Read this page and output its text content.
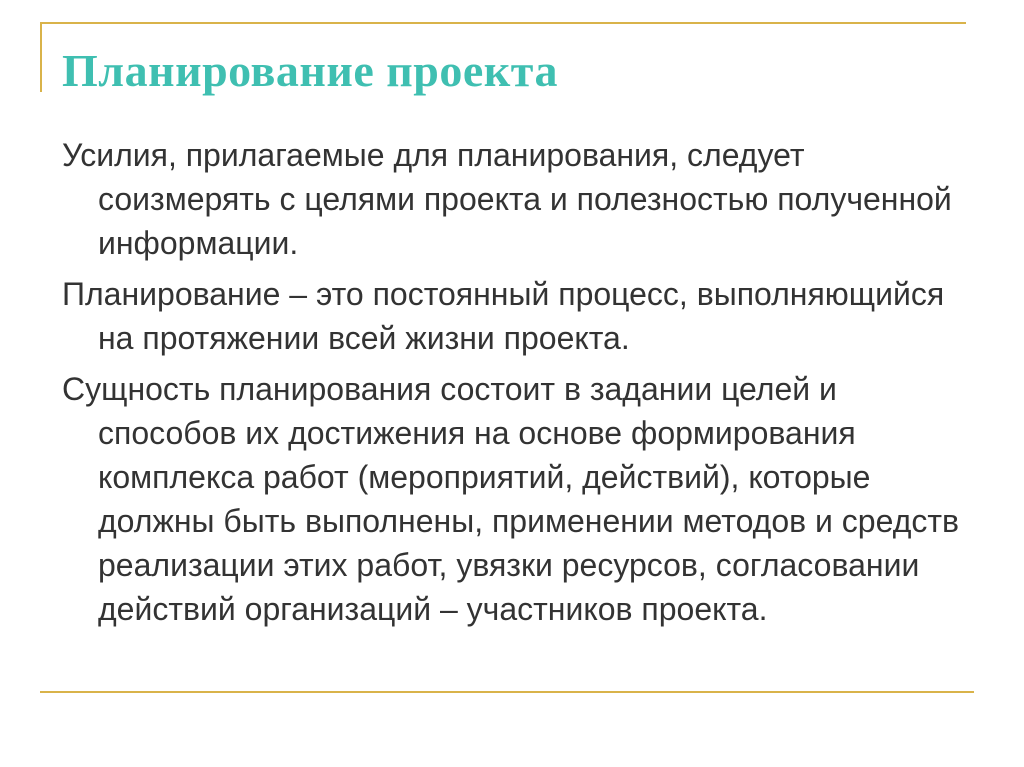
Планирование проекта
Усилия, прилагаемые для планирования, следует соизмерять с целями проекта и полезностью полученной информации.
Планирование – это постоянный процесс, выполняющийся на протяжении всей жизни проекта.
Сущность планирования состоит в задании целей и способов их достижения на основе формирования комплекса работ (мероприятий, действий), которые должны быть выполнены, применении методов и средств реализации этих работ, увязки ресурсов, согласовании действий организаций – участников проекта.
